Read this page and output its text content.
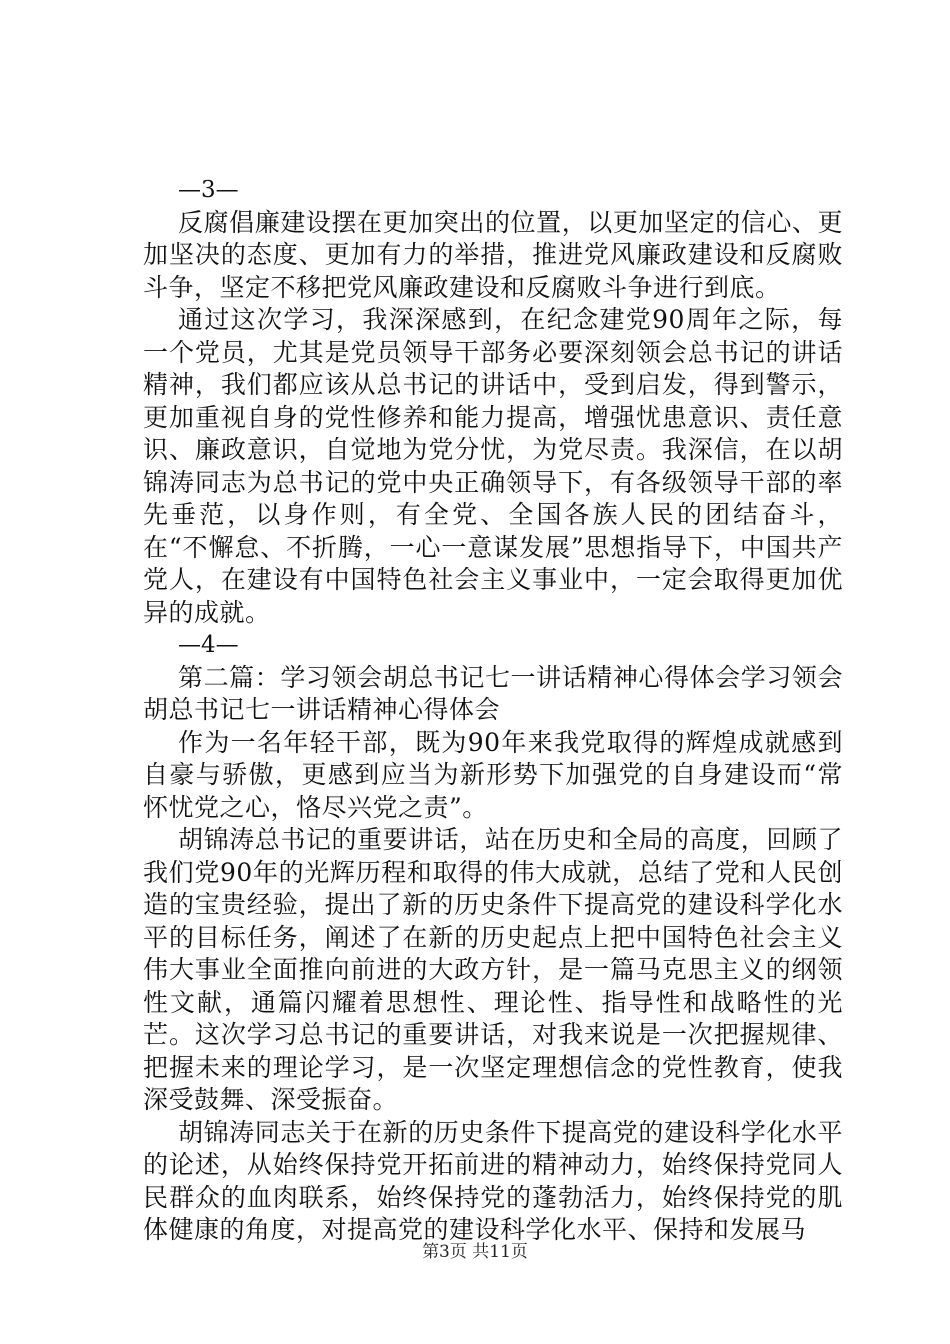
—3—

反腐倡廉建设摆在更加突出的位置，以更加坚定的信心、更加坚决的态度、更加有力的举措，推进党风廉政建设和反腐败斗争，坚定不移把党风廉政建设和反腐败斗争进行到底。

通过这次学习，我深深感到，在纪念建党90周年之际，每一个党员，尤其是党员领导干部务必要深刻领会总书记的讲话精神，我们都应该从总书记的讲话中，受到启发，得到警示，更加重视自身的党性修养和能力提高，增强忧患意识、责任意识、廉政意识，自觉地为党分忧，为党尽责。我深信，在以胡锦涛同志为总书记的党中央正确领导下，有各级领导干部的率先垂范，以身作则，有全党、全国各族人民的团结奋斗，在“不懈怠、不折腾，一心一意谋发展”思想指导下，中国共产党人，在建设有中国特色社会主义事业中，一定会取得更加优异的成就。

—4—

第二篇：学习领会胡总书记七一讲话精神心得体会学习领会胡总书记七一讲话精神心得体会

作为一名年轻干部，既为90年来我党取得的辉煌成就感到自豪与骄傲，更感到应当为新形势下加强党的自身建设而“常怀忧党之心，恪尽兴党之责”。

胡锦涛总书记的重要讲话，站在历史和全局的高度，回顾了我们党90年的光辉历程和取得的伟大成就，总结了党和人民创造的宝贵经验，提出了新的历史条件下提高党的建设科学化水平的目标任务，阐述了在新的历史起点上把中国特色社会主义伟大事业全面推向前进的大政方针，是一篇马克思主义的纲领性文献，通篇闪耀着思想性、理论性、指导性和战略性的光芒。这次学习总书记的重要讲话，对我来说是一次把握规律、把握未来的理论学习，是一次坚定理想信念的党性教育，使我深受鼓舞、深受振奋。

胡锦涛同志关于在新的历史条件下提高党的建设科学化水平的论述，从始终保持党开拓前进的精神动力，始终保持党同人民群众的血肉联系，始终保持党的蓬勃活力，始终保持党的肌体健康的角度，对提高党的建设科学化水平、保持和发展马

第3页 共11页
